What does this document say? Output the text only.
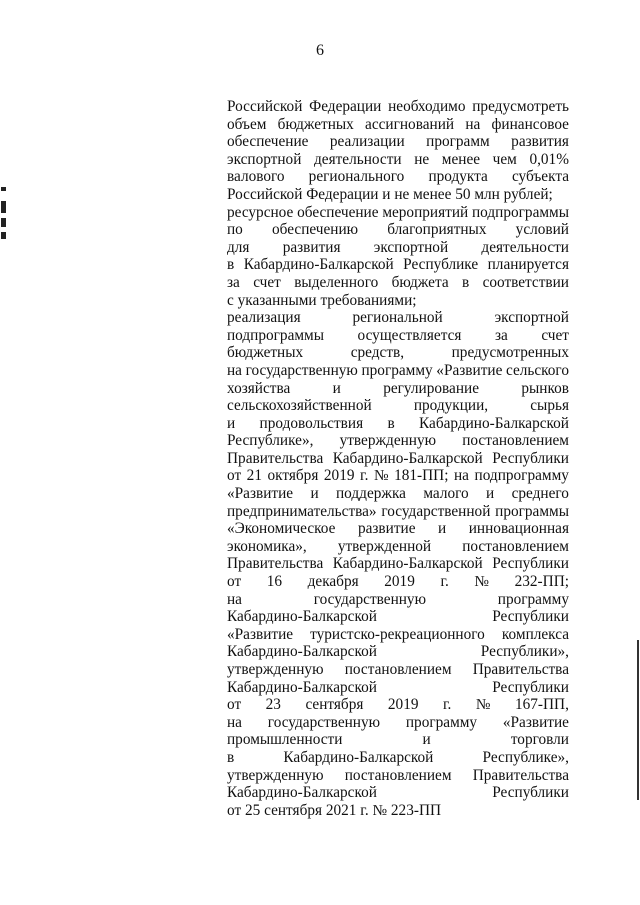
6
Российской Федерации необходимо предусмотреть
объем бюджетных ассигнований на финансовое
обеспечение реализации программ развития
экспортной деятельности не менее чем 0,01%
валового регионального продукта субъекта
Российской Федерации и не менее 50 млн рублей;
ресурсное обеспечение мероприятий подпрограммы
по обеспечению благоприятных условий
для развития экспортной деятельности
в Кабардино-Балкарской Республике планируется
за счет выделенного бюджета в соответствии
с указанными требованиями;
реализация	региональной	экспортной
подпрограммы осуществляется за счет
бюджетных	средств,	предусмотренных
на государственную программу «Развитие сельского
хозяйства	и	регулирование	рынков
сельскохозяйственной	продукции,	сырья
и продовольствия в Кабардино-Балкарской
Республике», утвержденную постановлением
Правительства Кабардино-Балкарской Республики
от 21 октября 2019 г. № 181-ПП; на подпрограмму
«Развитие и поддержка малого и среднего
предпринимательства» государственной программы
«Экономическое развитие и инновационная
экономика», утвержденной постановлением
Правительства Кабардино-Балкарской Республики
от 16 декабря 2019 г. № 232-ПП;
на	государственную	программу
Кабардино-Балкарской	Республики
«Развитие туристско-рекреационного комплекса
Кабардино-Балкарской	Республики»,
утвержденную постановлением Правительства
Кабардино-Балкарской	Республики
от 23 сентября 2019 г. № 167-ПП,
на государственную программу «Развитие
промышленности	и	торговли
в	Кабардино-Балкарской	Республике»,
утвержденную постановлением Правительства
Кабардино-Балкарской	Республики
от 25 сентября 2021 г. № 223-ПП
